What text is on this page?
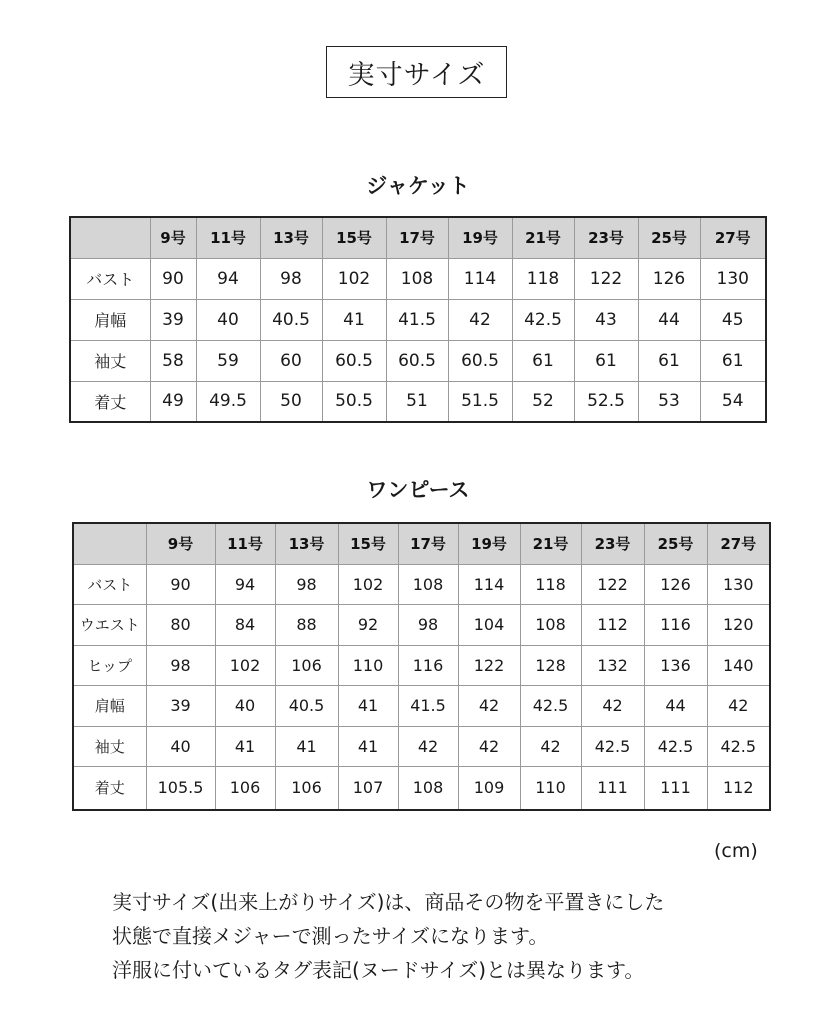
実寸サイズ
ジャケット
	9号	11号	13号	15号	17号	19号	21号	23号	25号	27号
バスト	90	94	98	102	108	114	118	122	126	130
肩幅	39	40	40.5	41	41.5	42	42.5	43	44	45
袖丈	58	59	60	60.5	60.5	60.5	61	61	61	61
着丈	49	49.5	50	50.5	51	51.5	52	52.5	53	54
ワンピース
	9号	11号	13号	15号	17号	19号	21号	23号	25号	27号
バスト	90	94	98	102	108	114	118	122	126	130
ウエスト	80	84	88	92	98	104	108	112	116	120
ヒップ	98	102	106	110	116	122	128	132	136	140
肩幅	39	40	40.5	41	41.5	42	42.5	42	44	42
袖丈	40	41	41	41	42	42	42	42.5	42.5	42.5
着丈	105.5	106	106	107	108	109	110	111	111	112
(cm)
実寸サイズ(出来上がりサイズ)は、商品その物を平置きにした
状態で直接メジャーで測ったサイズになります。
洋服に付いているタグ表記(ヌードサイズ)とは異なります。
